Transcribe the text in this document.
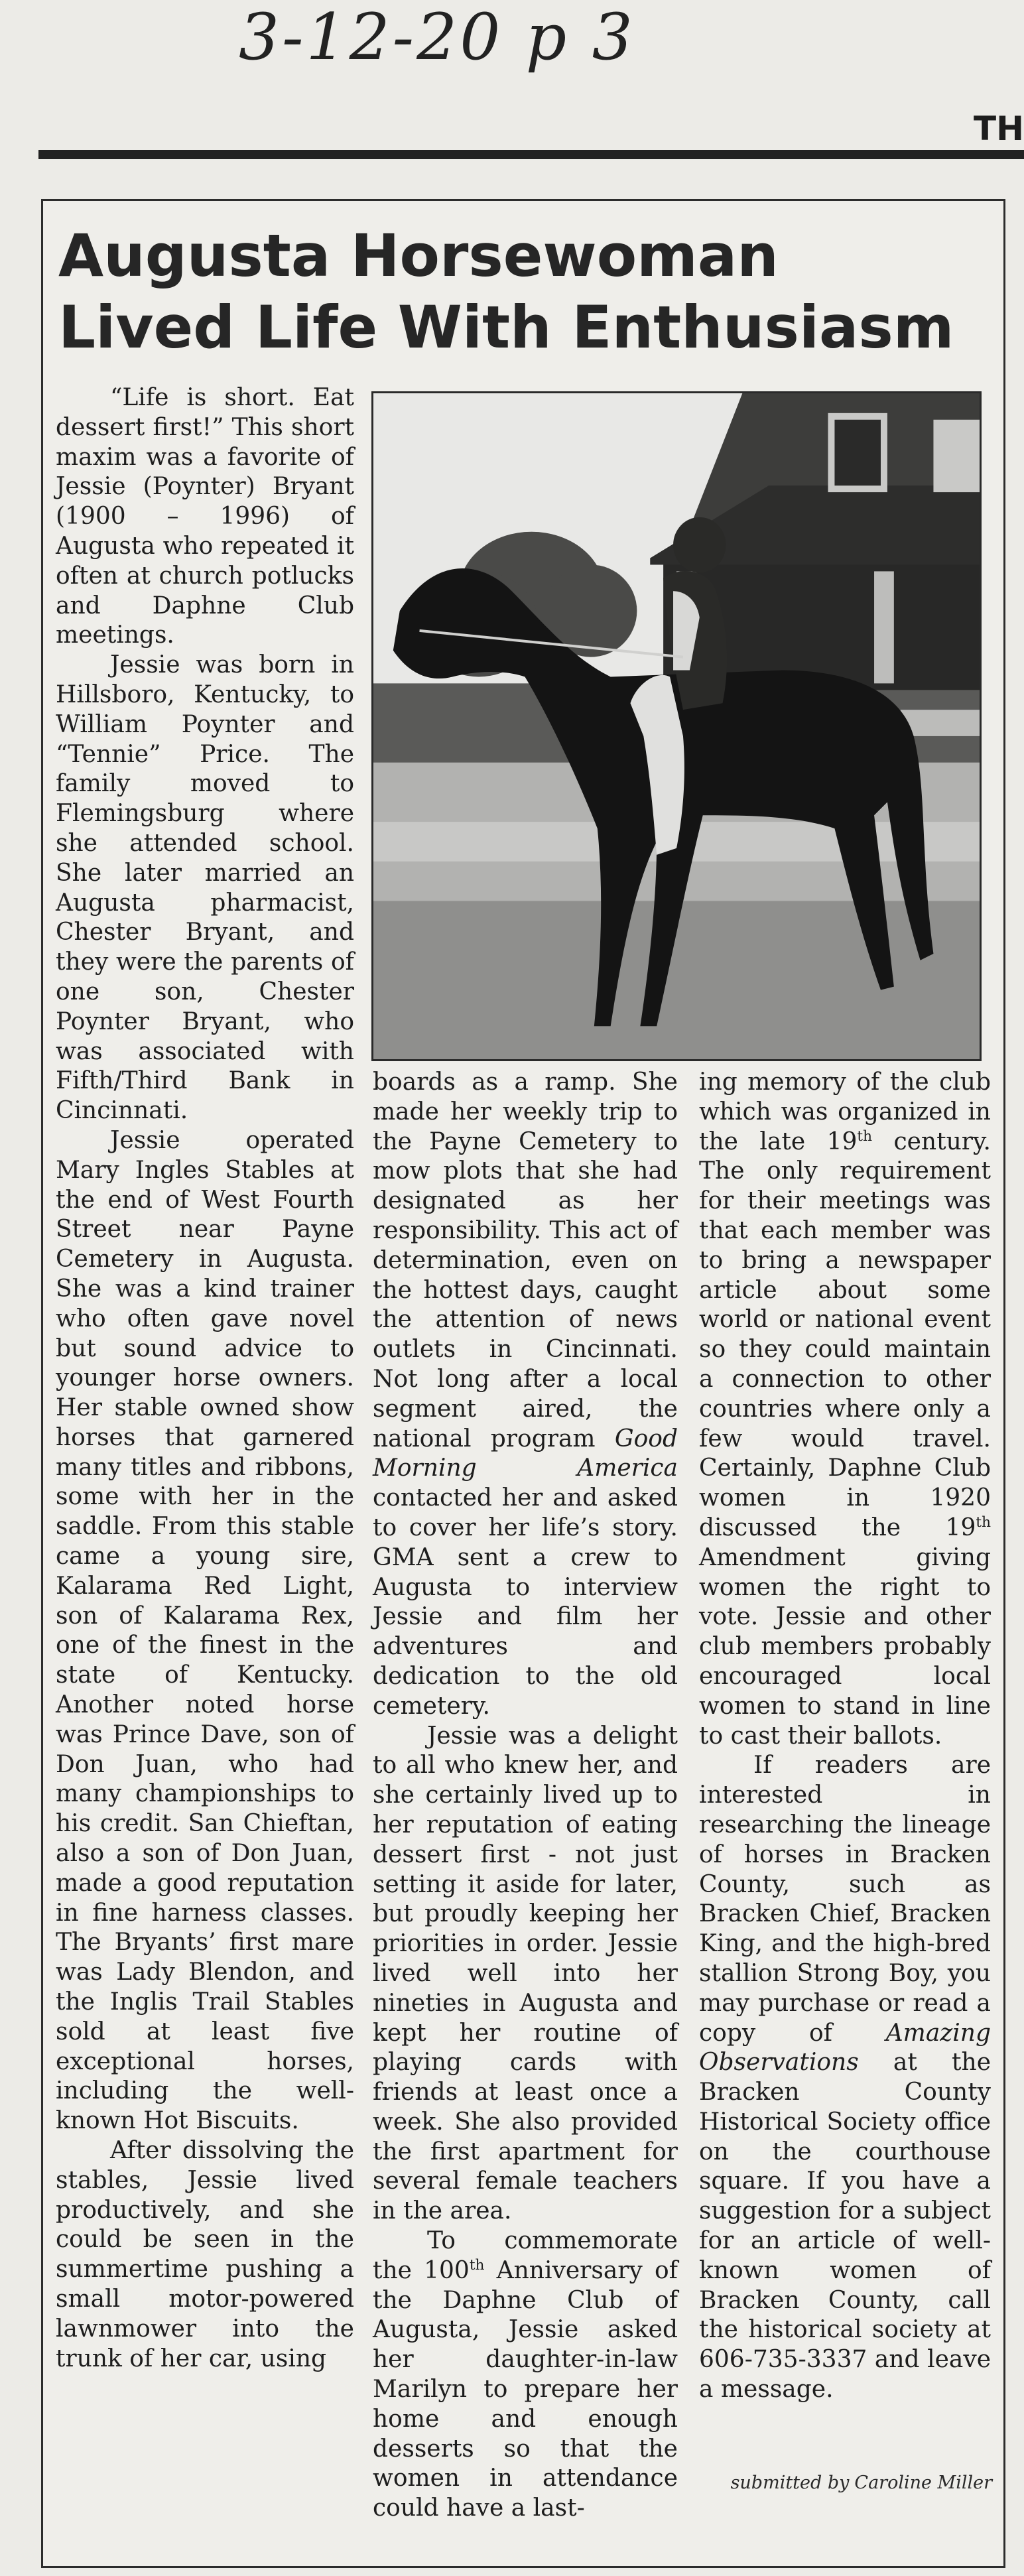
3-12-20 p 3
TH
Augusta Horsewoman
Lived Life With Enthusiasm

“Life is short. Eat dessert first!” This short maxim was a favorite of Jessie (Poynter) Bryant (1900 – 1996) of Augusta who repeated it often at church potlucks and Daphne Club meetings.

Jessie was born in Hillsboro, Kentucky, to William Poynter and “Tennie” Price. The family moved to Flemingsburg where she attended school. She later married an Augusta pharmacist, Chester Bryant, and they were the parents of one son, Chester Poynter Bryant, who was associated with Fifth/Third Bank in Cincinnati.

Jessie operated Mary Ingles Stables at the end of West Fourth Street near Payne Cemetery in Augusta. She was a kind trainer who often gave novel but sound advice to younger horse owners. Her stable owned show horses that garnered many titles and ribbons, some with her in the saddle. From this stable came a young sire, Kalarama Red Light, son of Kalarama Rex, one of the finest in the state of Kentucky. Another noted horse was Prince Dave, son of Don Juan, who had many championships to his credit. San Chieftan, also a son of Don Juan, made a good reputation in fine harness classes. The Bryants’ first mare was Lady Blendon, and the Inglis Trail Stables sold at least five exceptional horses, including the well-known Hot Biscuits.

After dissolving the stables, Jessie lived productively, and she could be seen in the summertime pushing a small motor-powered lawnmower into the trunk of her car, using

boards as a ramp. She made her weekly trip to the Payne Cemetery to mow plots that she had designated as her responsibility. This act of determination, even on the hottest days, caught the attention of news outlets in Cincinnati. Not long after a local segment aired, the national program Good Morning America contacted her and asked to cover her life’s story. GMA sent a crew to Augusta to interview Jessie and film her adventures and dedication to the old cemetery.

Jessie was a delight to all who knew her, and she certainly lived up to her reputation of eating dessert first - not just setting it aside for later, but proudly keeping her priorities in order. Jessie lived well into her nineties in Augusta and kept her routine of playing cards with friends at least once a week. She also provided the first apartment for several female teachers in the area.

To commemorate the 100th Anniversary of the Daphne Club of Augusta, Jessie asked her daughter-in-law Marilyn to prepare her home and enough desserts so that the women in attendance could have a last-

ing memory of the club which was organized in the late 19th century. The only requirement for their meetings was that each member was to bring a newspaper article about some world or national event so they could maintain a connection to other countries where only a few would travel. Certainly, Daphne Club women in 1920 discussed the 19th Amendment giving women the right to vote. Jessie and other club members probably encouraged local women to stand in line to cast their ballots.

If readers are interested in researching the lineage of horses in Bracken County, such as Bracken Chief, Bracken King, and the high-bred stallion Strong Boy, you may purchase or read a copy of Amazing Observations at the Bracken County Historical Society office on the courthouse square. If you have a suggestion for a subject for an article of well-known women of Bracken County, call the historical society at 606-735-3337 and leave a message.

submitted by Caroline Miller
